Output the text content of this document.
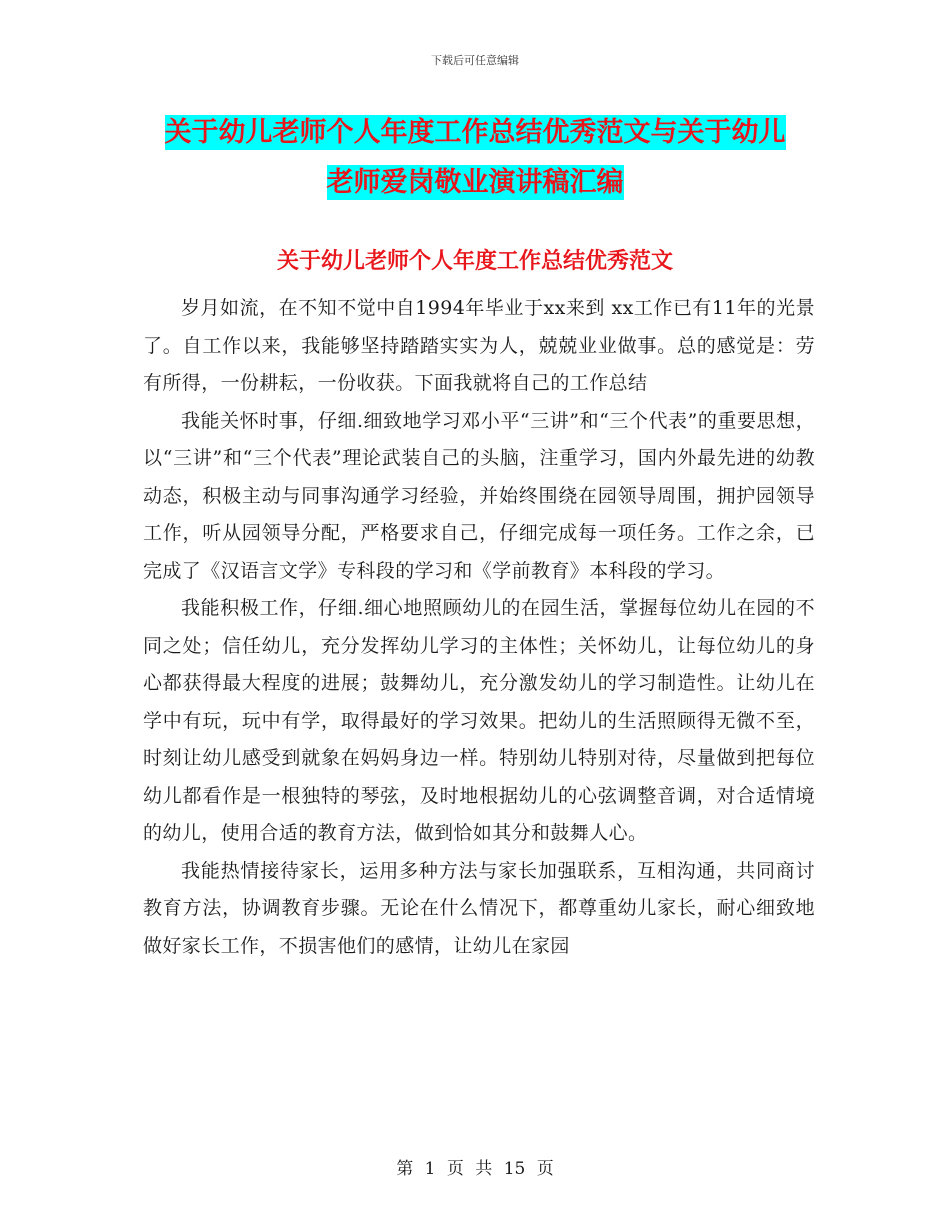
下载后可任意编辑
关于幼儿老师个人年度工作总结优秀范文与关于幼儿
老师爱岗敬业演讲稿汇编
关于幼儿老师个人年度工作总结优秀范文

岁月如流，在不知不觉中自1994年毕业于xx来到 xx工作已有11年的光景了。自工作以来，我能够坚持踏踏实实为人，兢兢业业做事。总的感觉是：劳有所得，一份耕耘，一份收获。下面我就将自己的工作总结

我能关怀时事，仔细.细致地学习邓小平“三讲”和“三个代表”的重要思想，以“三讲”和“三个代表”理论武装自己的头脑，注重学习，国内外最先进的幼教动态，积极主动与同事沟通学习经验，并始终围绕在园领导周围，拥护园领导工作，听从园领导分配，严格要求自己，仔细完成每一项任务。工作之余，已完成了《汉语言文学》专科段的学习和《学前教育》本科段的学习。

我能积极工作，仔细.细心地照顾幼儿的在园生活，掌握每位幼儿在园的不同之处；信任幼儿，充分发挥幼儿学习的主体性；关怀幼儿，让每位幼儿的身心都获得最大程度的进展；鼓舞幼儿，充分激发幼儿的学习制造性。让幼儿在学中有玩，玩中有学，取得最好的学习效果。把幼儿的生活照顾得无微不至，时刻让幼儿感受到就象在妈妈身边一样。特别幼儿特别对待，尽量做到把每位幼儿都看作是一根独特的琴弦，及时地根据幼儿的心弦调整音调，对合适情境的幼儿，使用合适的教育方法，做到恰如其分和鼓舞人心。

我能热情接待家长，运用多种方法与家长加强联系，互相沟通，共同商讨教育方法，协调教育步骤。无论在什么情况下，都尊重幼儿家长，耐心细致地做好家长工作，不损害他们的感情，让幼儿在家园

第 1 页 共 15 页
